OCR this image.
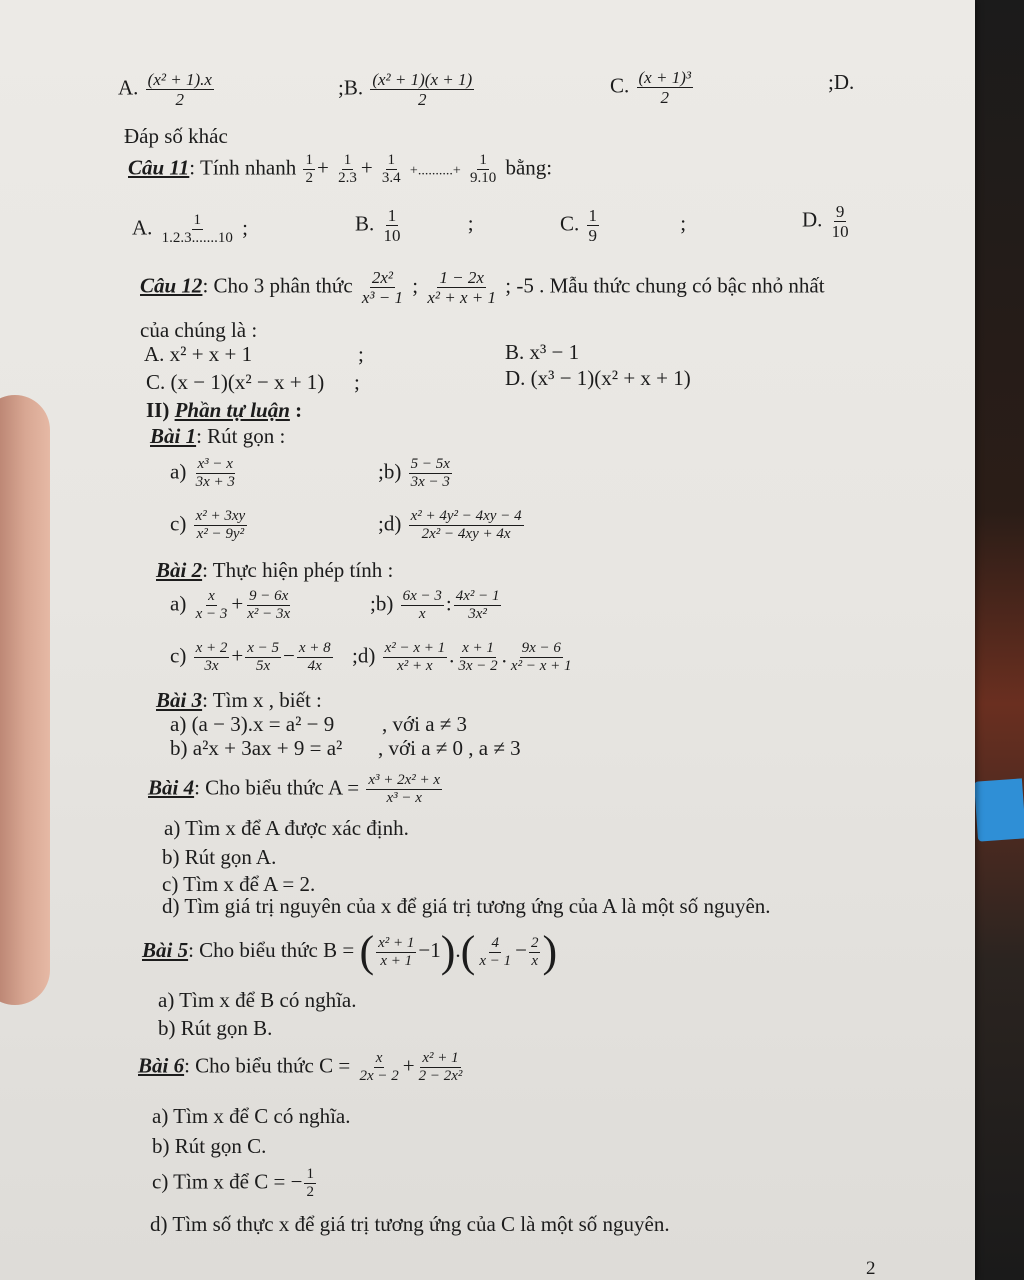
A. $\frac{\text{(x² + 1).x}}{2}$	;B. $\frac{\text{(x² + 1)(x + 1)}}{2}$	C. $\frac{\text{(x + 1)³}}{2}$	;D.
Đáp số khác
Câu 11: Tính nhanh $\frac{1}{2} + \frac{1}{2.3} + \frac{1}{3.4}$ +..........+ $\frac{1}{9.10}$ bằng:
A. $\frac{1}{1.2.3.......10}$ ;	B. $\frac{1}{10}$	;	C. $\frac{1}{9}$	;	D. $\frac{9}{10}$
Câu 12: Cho 3 phân thức $\frac{\text{2x²}}{\text{x³ − 1}}$ ; $\frac{1 - 2x}{\text{x² + x + 1}}$ ; -5 . Mẫu thức chung có bậc nhỏ nhất
của chúng là :
A. x² + x + 1	;	B. x³ − 1
C. (x − 1)(x² − x + 1) ;	D. (x³ − 1)(x² + x + 1)
II) Phần tự luận :
Bài 1: Rút gọn :
$a) \frac{\text{x³ − x}}{3x + 3}$	;b) $\frac{5 - 5x}{3x - 3}$
$c) \frac{\text{x² + 3xy}}{\text{x² − 9y²}}$	;d) $\frac{\text{x² + 4y² − 4xy − 4}}{\text{2x² − 4xy + 4x}}$
Bài 2: Thực hiện phép tính :
$a) \frac{x}{x - 3} + \frac{9 - 6x}{\text{x² − 3x}}$	;b) $\frac{6x - 3}{x}$ : $\frac{\text{4x² − 1}}{\text{3x²}}$
$c) \frac{x + 2}{3x} + \frac{x - 5}{5x} - \frac{x + 8}{4x}$ ;d) $\frac{\text{x² − x + 1}}{\text{x² + x}}$ . $\frac{x + 1}{3x - 2}$ . $\frac{9x - 6}{\text{x² − x + 1}}$
Bài 3: Tìm x , biết :
a) (a − 3).x = a² − 9 , với a ≠ 3
b) a²x + 3ax + 9 = a² , với a ≠ 0 , a ≠ 3
Bài 4: Cho biểu thức $A = \frac{\text{x³ + 2x² + x}}{\text{x³ − x}}$
a) Tìm x để A được xác định.
b) Rút gọn A.
c) Tìm x để A = 2.
d) Tìm giá trị nguyên của x để giá trị tương ứng của A là một số nguyên.
Bài 5: Cho biểu thức B = ( $\frac{\text{x² + 1}}{x + 1} -1).( \frac{4}{x - 1} - \frac{2}{x}$ )
a) Tìm x để B có nghĩa.
b) Rút gọn B.
Bài 6: Cho biểu thức $C = \frac{x}{2x - 2} + \frac{\text{x² + 1}}{\text{2 − 2x²}}$
a) Tìm x để C có nghĩa.
b) Rút gọn C.
c) Tìm x để C = − $\frac{1}{2}$
d) Tìm số thực x để giá trị tương ứng của C là một số nguyên.
2
